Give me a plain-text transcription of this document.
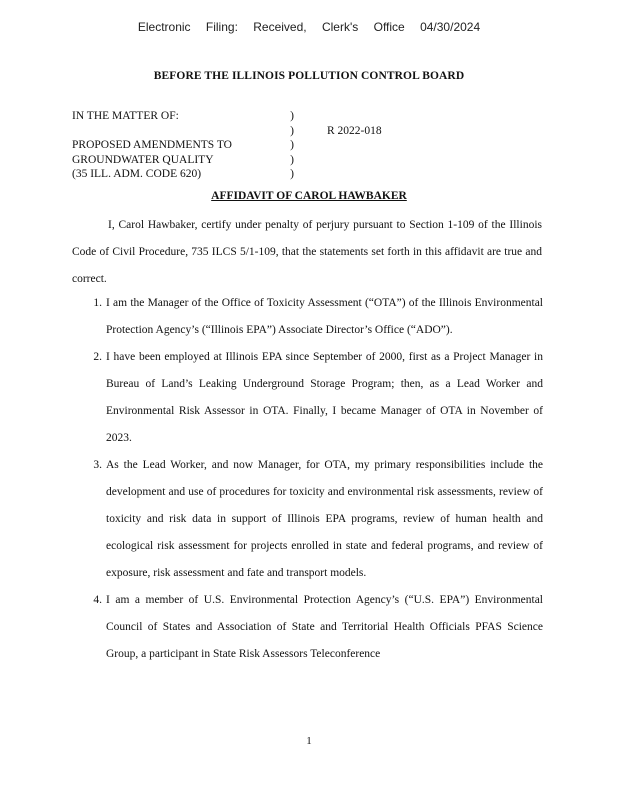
Electronic Filing: Received, Clerk's Office 04/30/2024
BEFORE THE ILLINOIS POLLUTION CONTROL BOARD
IN THE MATTER OF:

PROPOSED AMENDMENTS TO
GROUNDWATER QUALITY
(35 ILL. ADM. CODE 620)
)
)
)
)
)
R 2022-018
AFFIDAVIT OF CAROL HAWBAKER
I, Carol Hawbaker, certify under penalty of perjury pursuant to Section 1-109 of the Illinois Code of Civil Procedure, 735 ILCS 5/1-109, that the statements set forth in this affidavit are true and correct.
1. I am the Manager of the Office of Toxicity Assessment (“OTA”) of the Illinois Environmental Protection Agency’s (“Illinois EPA”) Associate Director’s Office (“ADO”).
2. I have been employed at Illinois EPA since September of 2000, first as a Project Manager in Bureau of Land’s Leaking Underground Storage Program; then, as a Lead Worker and Environmental Risk Assessor in OTA. Finally, I became Manager of OTA in November of 2023.
3. As the Lead Worker, and now Manager, for OTA, my primary responsibilities include the development and use of procedures for toxicity and environmental risk assessments, review of toxicity and risk data in support of Illinois EPA programs, review of human health and ecological risk assessment for projects enrolled in state and federal programs, and review of exposure, risk assessment and fate and transport models.
4. I am a member of U.S. Environmental Protection Agency’s (“U.S. EPA”) Environmental Council of States and Association of State and Territorial Health Officials PFAS Science Group, a participant in State Risk Assessors Teleconference
1
